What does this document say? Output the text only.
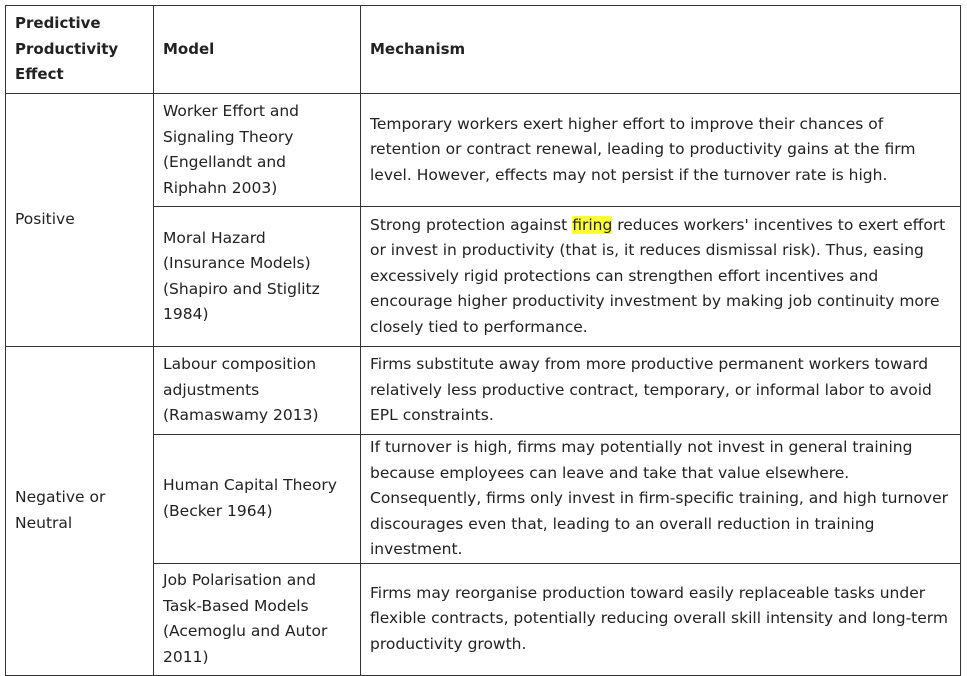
Predictive Productivity Effect	Model	Mechanism
Positive	Worker Effort and Signaling Theory (Engellandt and Riphahn 2003)	Temporary workers exert higher effort to improve their chances of retention or contract renewal, leading to productivity gains at the firm level. However, effects may not persist if the turnover rate is high.
	Moral Hazard (Insurance Models) (Shapiro and Stiglitz 1984)	Strong protection against firing reduces workers' incentives to exert effort or invest in productivity (that is, it reduces dismissal risk). Thus, easing excessively rigid protections can strengthen effort incentives and encourage higher productivity investment by making job continuity more closely tied to performance.
Negative or Neutral	Labour composition adjustments (Ramaswamy 2013)	Firms substitute away from more productive permanent workers toward relatively less productive contract, temporary, or informal labor to avoid EPL constraints.
	Human Capital Theory (Becker 1964)	If turnover is high, firms may potentially not invest in general training because employees can leave and take that value elsewhere. Consequently, firms only invest in firm-specific training, and high turnover discourages even that, leading to an overall reduction in training investment.
	Job Polarisation and Task-Based Models (Acemoglu and Autor 2011)	Firms may reorganise production toward easily replaceable tasks under flexible contracts, potentially reducing overall skill intensity and long-term productivity growth.
